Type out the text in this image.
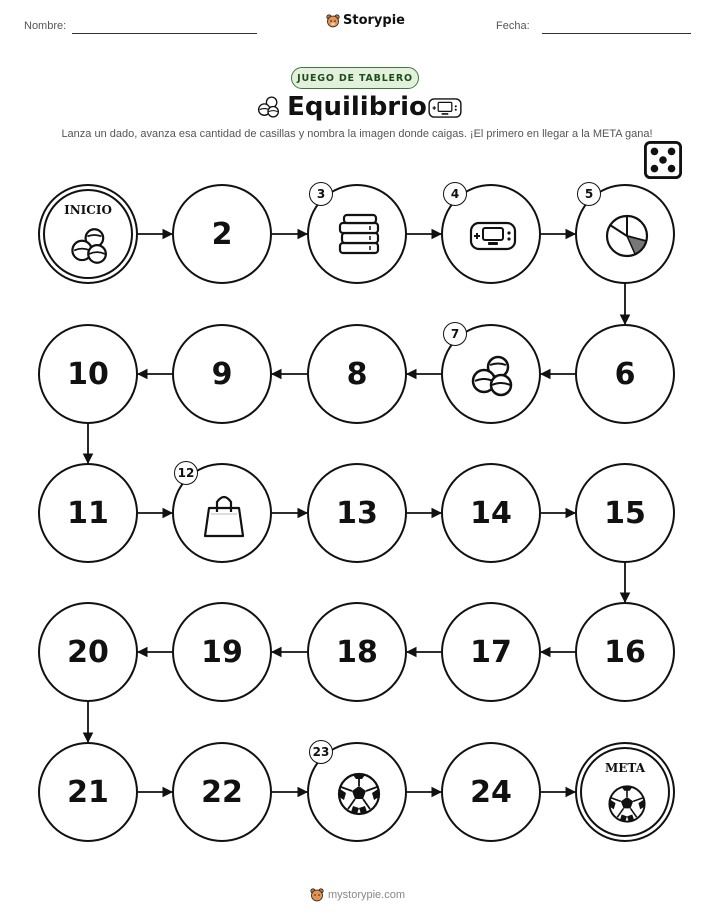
Nombre:	Storypie	Fecha:
JUEGO DE TABLERO
Equilibrio
Lanza un dado, avanza esa cantidad de casillas y nombra la imagen donde caigas. ¡El primero en llegar a la META gana!
INICIO
2
3	4	5
6
7
8
9
10
11
12
13	14	15
16
17
18
19
20
21	22
23
24
META
mystorypie.com
